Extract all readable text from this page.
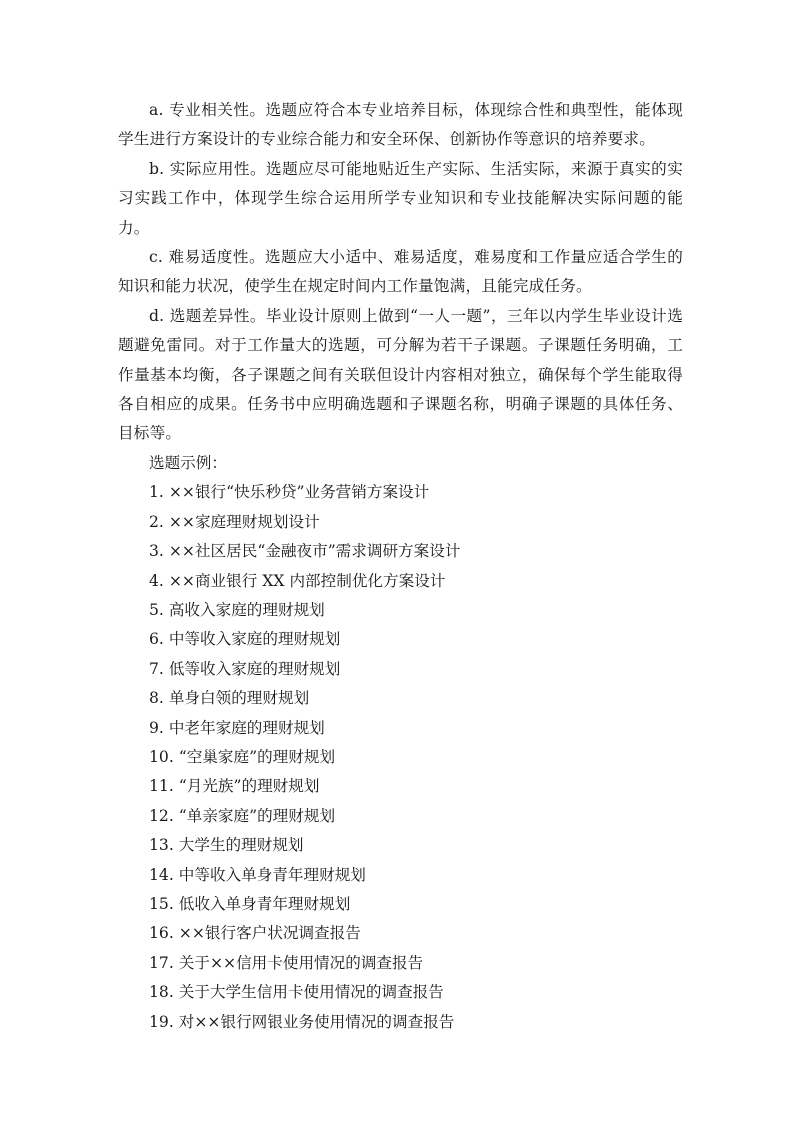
a. 专业相关性。选题应符合本专业培养目标，体现综合性和典型性，能体现学生进行方案设计的专业综合能力和安全环保、创新协作等意识的培养要求。

b. 实际应用性。选题应尽可能地贴近生产实际、生活实际，来源于真实的实习实践工作中，体现学生综合运用所学专业知识和专业技能解决实际问题的能力。

c. 难易适度性。选题应大小适中、难易适度，难易度和工作量应适合学生的知识和能力状况，使学生在规定时间内工作量饱满，且能完成任务。

d. 选题差异性。毕业设计原则上做到“一人一题”，三年以内学生毕业设计选题避免雷同。对于工作量大的选题，可分解为若干子课题。子课题任务明确，工作量基本均衡，各子课题之间有关联但设计内容相对独立，确保每个学生能取得各自相应的成果。任务书中应明确选题和子课题名称，明确子课题的具体任务、目标等。

选题示例：

1. ××银行“快乐秒贷”业务营销方案设计
2. ××家庭理财规划设计
3. ××社区居民“金融夜市”需求调研方案设计
4. ××商业银行 XX 内部控制优化方案设计
5. 高收入家庭的理财规划
6. 中等收入家庭的理财规划
7. 低等收入家庭的理财规划
8. 单身白领的理财规划
9. 中老年家庭的理财规划
10. “空巢家庭”的理财规划
11. “月光族”的理财规划
12. “单亲家庭”的理财规划
13. 大学生的理财规划
14. 中等收入单身青年理财规划
15. 低收入单身青年理财规划
16. ××银行客户状况调查报告
17. 关于××信用卡使用情况的调查报告
18. 关于大学生信用卡使用情况的调查报告
19. 对××银行网银业务使用情况的调查报告
